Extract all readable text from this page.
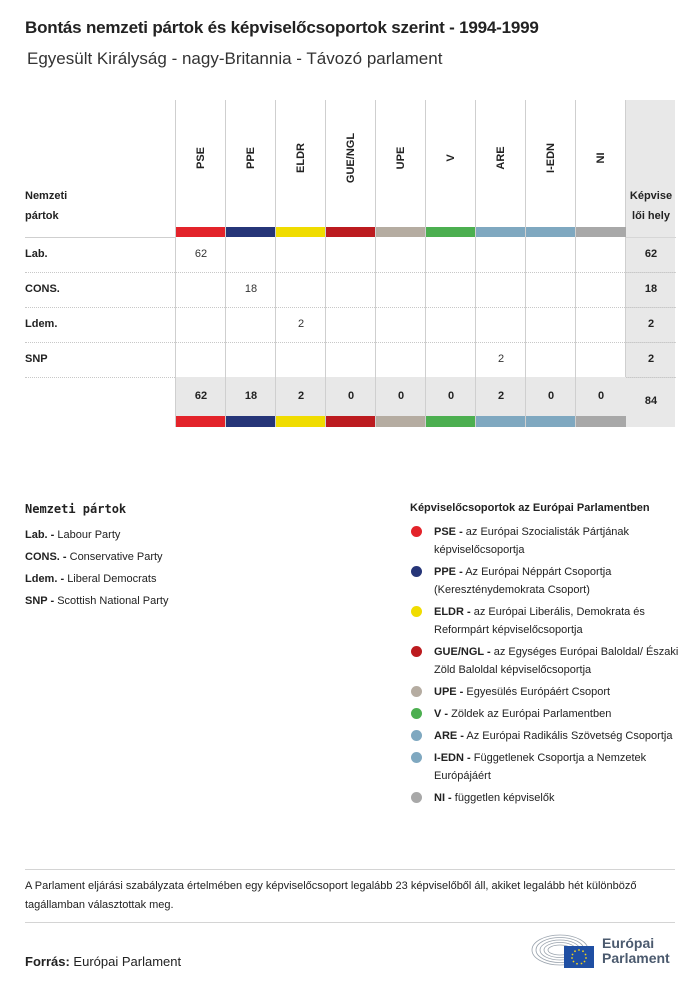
Bontás nemzeti pártok és képviselőcsoportok szerint - 1994-1999
Egyesült Királyság - nagy-Britannia - Távozó parlament
Nemzeti
pártok
Képvise
lői hely
62
18
2
2
84
Lab.
CONS.
Ldem.
SNP
PSE
62
62
PPE
18
18
ELDR
2
2
GUE/NGL
0
UPE
0
V
0
ARE
2
2
I-EDN
0
NI
0
Nemzeti pártok
Lab. - Labour Party
CONS. - Conservative Party
Ldem. - Liberal Democrats
SNP - Scottish National Party
Képviselőcsoportok az Európai Parlamentben
PSE - az Európai Szocialisták Pártjának képviselőcsoportja
PPE - Az Európai Néppárt Csoportja (Kereszténydemokrata Csoport)
ELDR - az Európai Liberális, Demokrata és Reformpárt képviselőcsoportja
GUE/NGL - az Egységes Európai Baloldal/ Északi Zöld Baloldal képviselőcsoportja
UPE - Egyesülés Európáért Csoport
V - Zöldek az Európai Parlamentben
ARE - Az Európai Radikális Szövetség Csoportja
I-EDN - Függetlenek Csoportja a Nemzetek Európájáért
NI - független képviselők
A Parlament eljárási szabályzata értelmében egy képviselőcsoport legalább 23 képviselőből áll, akiket legalább hét különböző tagállamban választottak meg.
Forrás: Európai Parlament
Európai
Parlament
